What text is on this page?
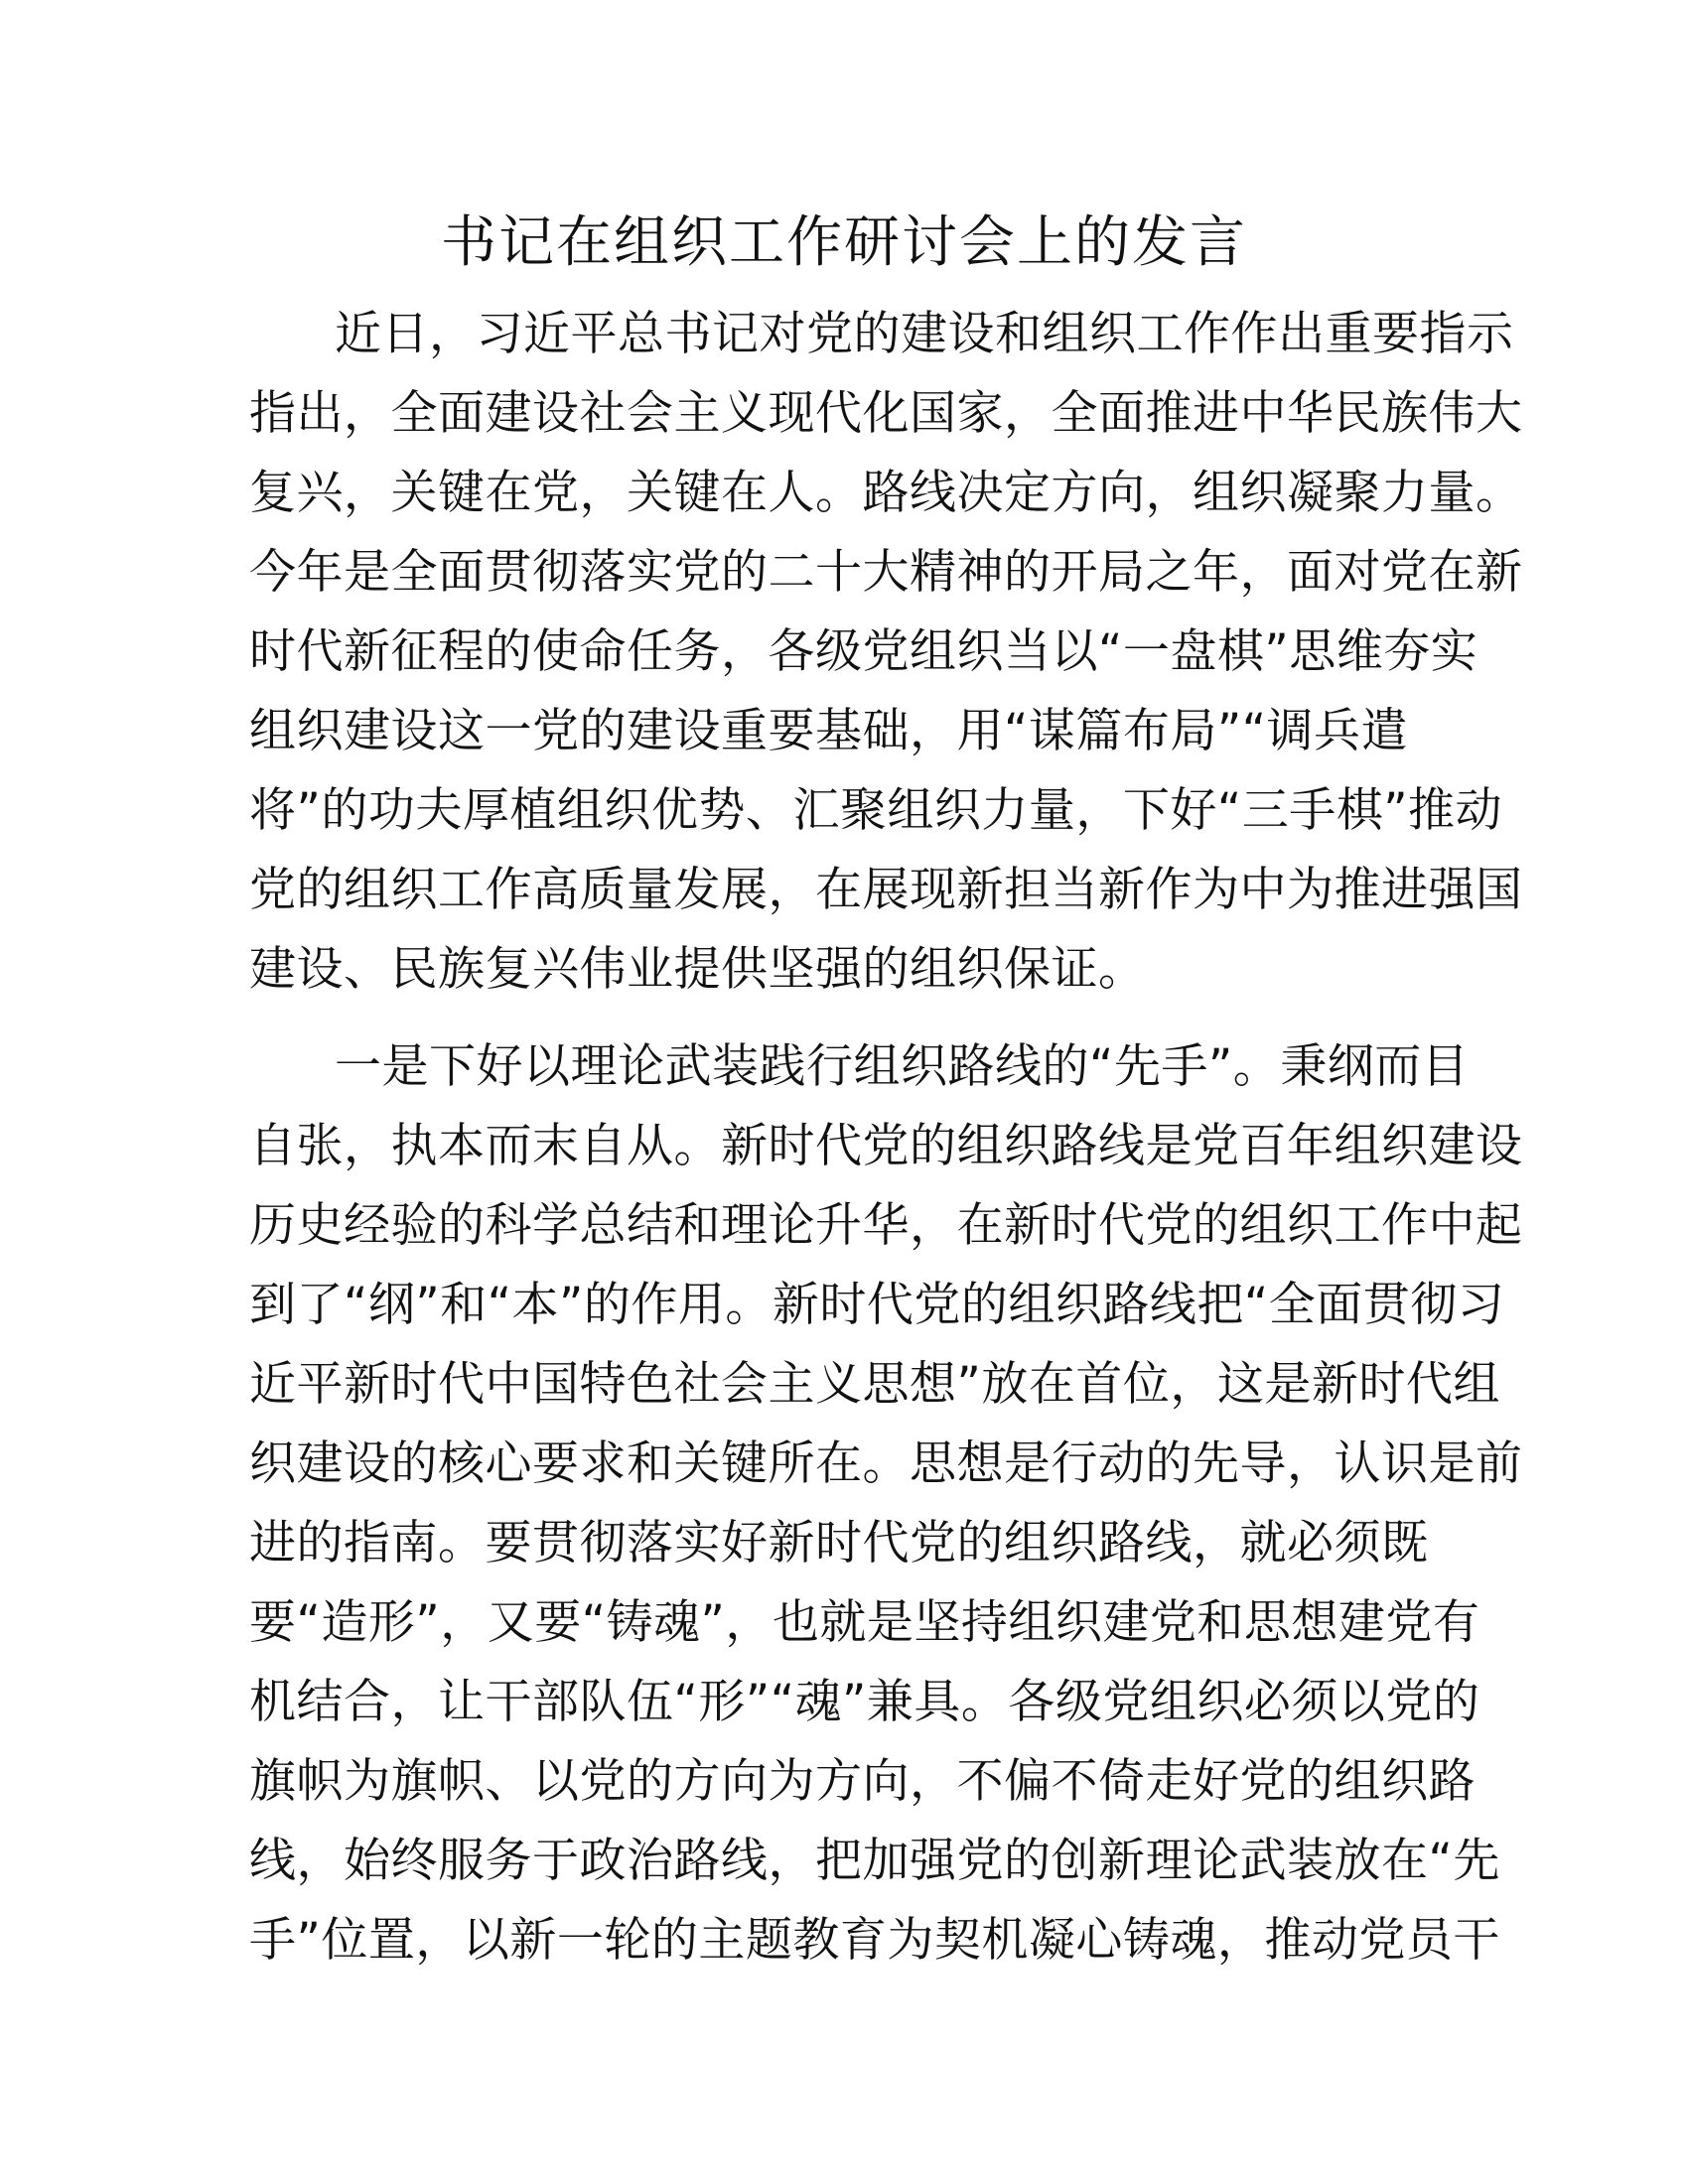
书记在组织工作研讨会上的发言
近日，习近平总书记对党的建设和组织工作作出重要指示
指出，全面建设社会主义现代化国家，全面推进中华民族伟大
复兴，关键在党，关键在人。路线决定方向，组织凝聚力量。
今年是全面贯彻落实党的二十大精神的开局之年，面对党在新
时代新征程的使命任务，各级党组织当以“一盘棋”思维夯实
组织建设这一党的建设重要基础，用“谋篇布局”“调兵遣
将”的功夫厚植组织优势、汇聚组织力量，下好“三手棋”推动
党的组织工作高质量发展，在展现新担当新作为中为推进强国
建设、民族复兴伟业提供坚强的组织保证。
一是下好以理论武装践行组织路线的“先手”。秉纲而目
自张，执本而末自从。新时代党的组织路线是党百年组织建设
历史经验的科学总结和理论升华，在新时代党的组织工作中起
到了“纲”和“本”的作用。新时代党的组织路线把“全面贯彻习
近平新时代中国特色社会主义思想”放在首位，这是新时代组
织建设的核心要求和关键所在。思想是行动的先导，认识是前
进的指南。要贯彻落实好新时代党的组织路线，就必须既
要“造形”，又要“铸魂”，也就是坚持组织建党和思想建党有
机结合，让干部队伍“形”“魂”兼具。各级党组织必须以党的
旗帜为旗帜、以党的方向为方向，不偏不倚走好党的组织路
线，始终服务于政治路线，把加强党的创新理论武装放在“先
手”位置，以新一轮的主题教育为契机凝心铸魂，推动党员干
